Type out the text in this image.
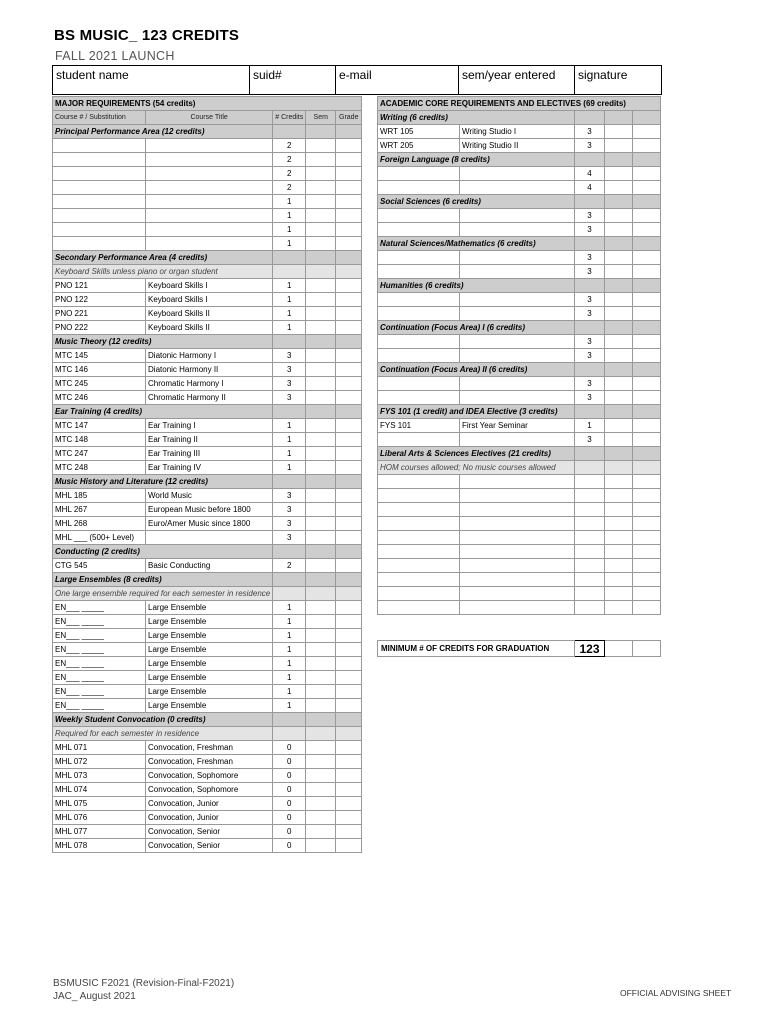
BS MUSIC_ 123 CREDITS
FALL 2021 LAUNCH
student name	suid#	e-mail	sem/year entered	signature
MAJOR REQUIREMENTS (54 credits)				
Course # / Substitution	Course Title	# Credits	Sem	Grade
Principal Performance Area (12 credits)				
		2		
		2		
		2		
		2		
		1		
		1		
		1		
		1		
Secondary Performance Area (4 credits)				
Keyboard Skills unless piano or organ student				
PNO 121	Keyboard Skills I	1		
PNO 122	Keyboard Skills I	1		
PNO 221	Keyboard Skills II	1		
PNO 222	Keyboard Skills II	1		
Music Theory (12 credits)				
MTC 145	Diatonic Harmony I	3		
MTC 146	Diatonic Harmony II	3		
MTC 245	Chromatic Harmony I	3		
MTC 246	Chromatic Harmony II	3		
Ear Training (4 credits)				
MTC 147	Ear Training I	1		
MTC 148	Ear Training II	1		
MTC 247	Ear Training III	1		
MTC 248	Ear Training IV	1		
Music History and Literature (12 credits)				
MHL 185	World Music	3		
MHL 267	European Music before 1800	3		
MHL 268	Euro/Amer Music since 1800	3		
MHL ___ (500+ Level)		3		
Conducting (2 credits)				
CTG 545	Basic Conducting	2		
Large Ensembles (8 credits)				
One large ensemble required for each semester in residence				
EN___ _____	Large Ensemble	1		
EN___ _____	Large Ensemble	1		
EN___ _____	Large Ensemble	1		
EN___ _____	Large Ensemble	1		
EN___ _____	Large Ensemble	1		
EN___ _____	Large Ensemble	1		
EN___ _____	Large Ensemble	1		
EN___ _____	Large Ensemble	1		
Weekly Student Convocation (0 credits)				
Required for each semester in residence				
MHL 071	Convocation, Freshman	0		
MHL 072	Convocation, Freshman	0		
MHL 073	Convocation, Sophomore	0		
MHL 074	Convocation, Sophomore	0		
MHL 075	Convocation, Junior	0		
MHL 076	Convocation, Junior	0		
MHL 077	Convocation, Senior	0		
MHL 078	Convocation, Senior	0		
ACADEMIC CORE REQUIREMENTS AND ELECTIVES (69 credits)				
Writing (6 credits)				
WRT 105	Writing Studio I	3		
WRT 205	Writing Studio II	3		
Foreign Language (8 credits)				
		4		
		4		
Social Sciences (6 credits)				
		3		
		3		
Natural Sciences/Mathematics (6 credits)				
		3		
		3		
Humanities (6 credits)				
		3		
		3		
Continuation (Focus Area) I (6 credits)				
		3		
		3		
Continuation (Focus Area) II (6 credits)				
		3		
		3		
FYS 101 (1 credit) and IDEA Elective (3 credits)				
FYS 101	First Year Seminar	1		
		3		
Liberal Arts & Sciences Electives (21 credits)				
HOM courses allowed; No music courses allowed				

MINIMUM # OF CREDITS FOR GRADUATION	123		
BSMUSIC F2021 (Revision-Final-F2021)
JAC_ August 2021	OFFICIAL ADVISING SHEET
